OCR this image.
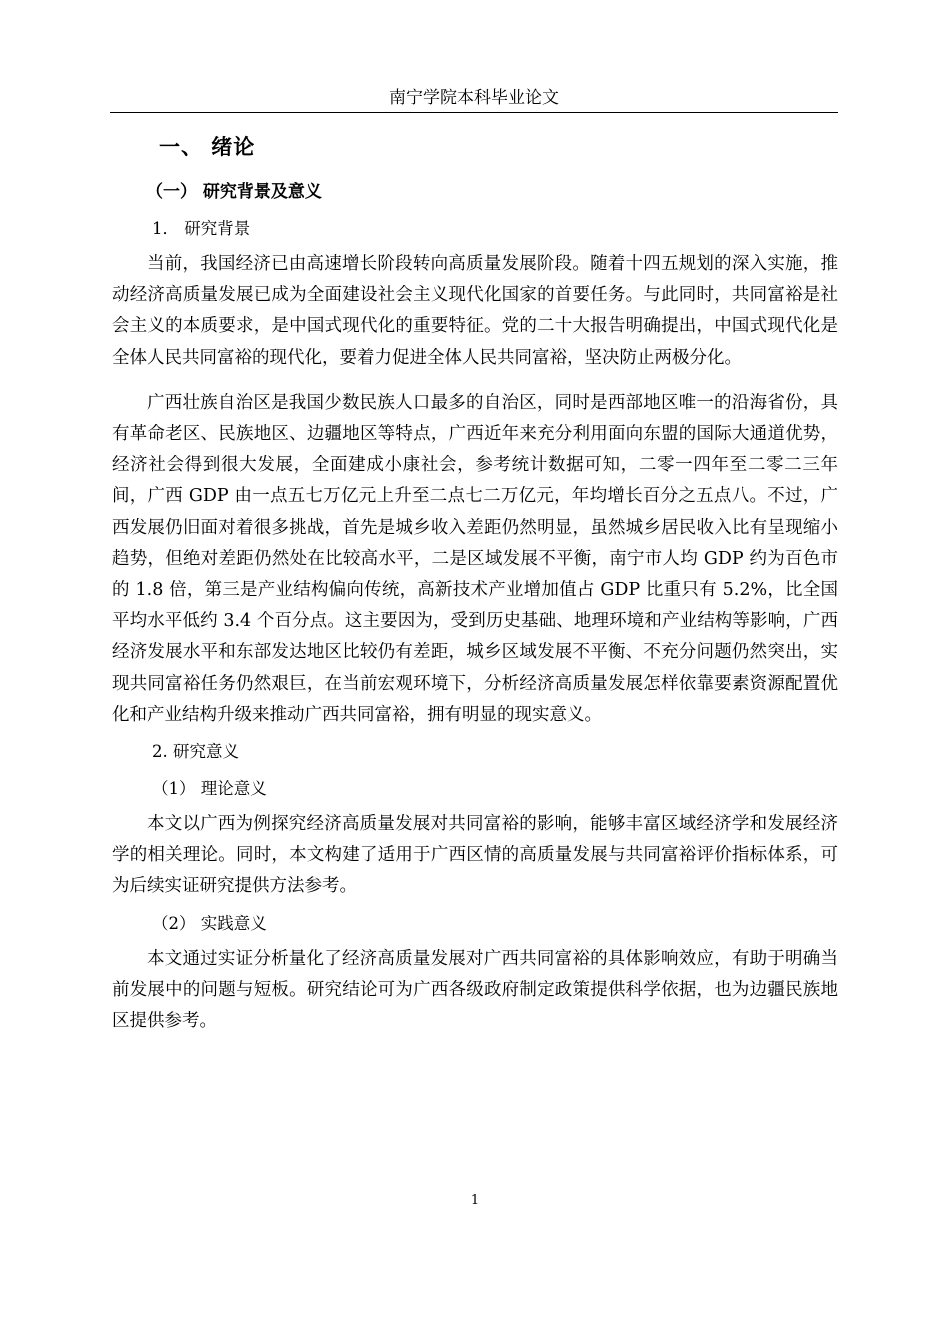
南宁学院本科毕业论文
一、 绪论
（一） 研究背景及意义
1． 研究背景

当前，我国经济已由高速增长阶段转向高质量发展阶段。随着十四五规划的深入实施，推动经济高质量发展已成为全面建设社会主义现代化国家的首要任务。与此同时，共同富裕是社会主义的本质要求，是中国式现代化的重要特征。党的二十大报告明确提出，中国式现代化是全体人民共同富裕的现代化，要着力促进全体人民共同富裕，坚决防止两极分化。

广西壮族自治区是我国少数民族人口最多的自治区，同时是西部地区唯一的沿海省份，具有革命老区、民族地区、边疆地区等特点，广西近年来充分利用面向东盟的国际大通道优势，经济社会得到很大发展，全面建成小康社会，参考统计数据可知，二零一四年至二零二三年间，广西 GDP 由一点五七万亿元上升至二点七二万亿元，年均增长百分之五点八。不过，广西发展仍旧面对着很多挑战，首先是城乡收入差距仍然明显，虽然城乡居民收入比有呈现缩小趋势，但绝对差距仍然处在比较高水平，二是区域发展不平衡，南宁市人均 GDP 约为百色市的 1.8 倍，第三是产业结构偏向传统，高新技术产业增加值占 GDP 比重只有 5.2%，比全国平均水平低约 3.4 个百分点。这主要因为，受到历史基础、地理环境和产业结构等影响，广西经济发展水平和东部发达地区比较仍有差距，城乡区域发展不平衡、不充分问题仍然突出，实现共同富裕任务仍然艰巨，在当前宏观环境下，分析经济高质量发展怎样依靠要素资源配置优化和产业结构升级来推动广西共同富裕，拥有明显的现实意义。

2. 研究意义
（1） 理论意义

本文以广西为例探究经济高质量发展对共同富裕的影响，能够丰富区域经济学和发展经济学的相关理论。同时，本文构建了适用于广西区情的高质量发展与共同富裕评价指标体系，可为后续实证研究提供方法参考。

（2） 实践意义

本文通过实证分析量化了经济高质量发展对广西共同富裕的具体影响效应，有助于明确当前发展中的问题与短板。研究结论可为广西各级政府制定政策提供科学依据，也为边疆民族地区提供参考。

1
